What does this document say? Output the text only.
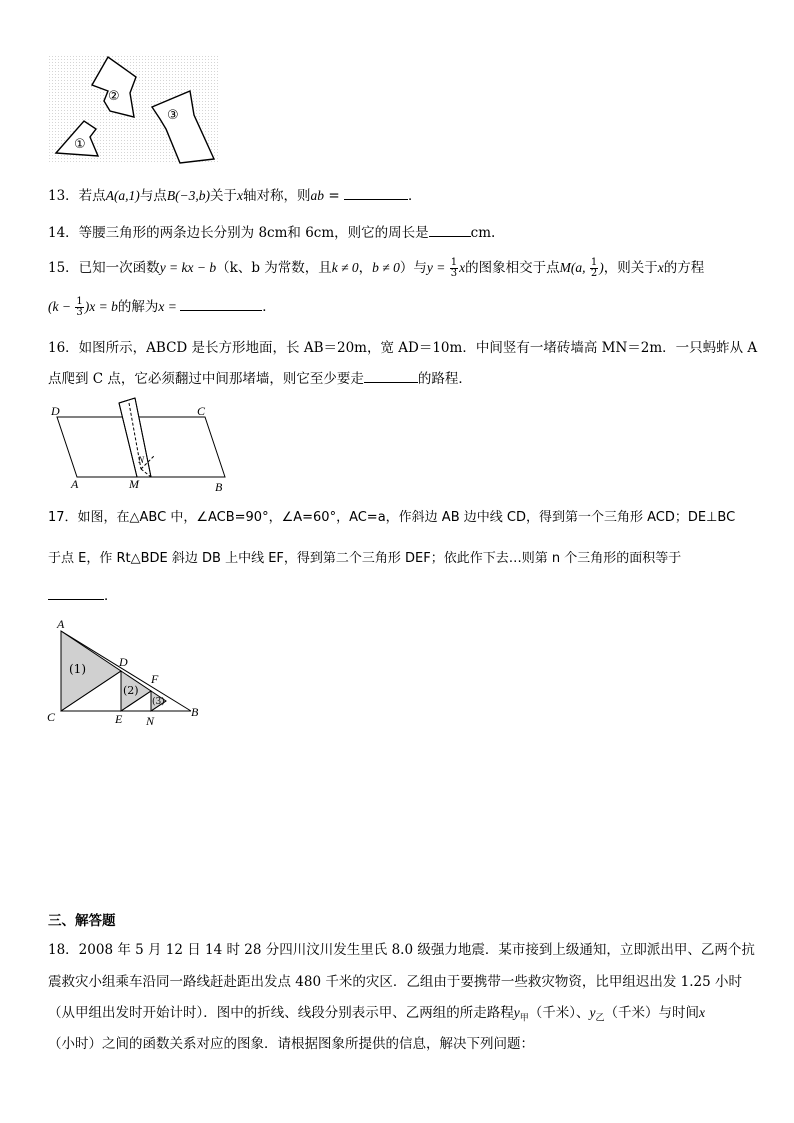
①
②
③
13．若点A(a,1)与点B(−3,b)关于x轴对称，则ab =	．
14．等腰三角形的两条边长分别为 8cm和 6cm，则它的周长是	cm.
15．已知一次函数y = kx − b（k、b 为常数，且k ≠ 0，b ≠ 0）与$y = \frac{1}{3}$ x的图象相交于点M(a, $\frac{1}{2}$ )，则关于x的方程
$(k - \frac{1}{3} )x = b$的解为x =	．
16．如图所示，ABCD 是长方形地面，长 AB＝20m，宽 AD＝10m．中间竖有一堵砖墙高 MN＝2m．一只蚂蚱从 A
点爬到 C 点，它必须翻过中间那堵墙，则它至少要走	的路程．
D	C
A	M	B
N
17．如图，在△ABC 中，∠ACB=90°，∠A=60°，AC=a，作斜边 AB 边中线 CD，得到第一个三角形 ACD；DE⊥BC
于点 E，作 Rt△BDE 斜边 DB 上中线 EF，得到第二个三角形 DEF；依此作下去…则第 n 个三角形的面积等于
．
A
D
F
C	E N
B
(1)
(2)
(3)
三、解答题
18．2008 年 5 月 12 日 14 时 28 分四川汶川发生里氏 8.0 级强力地震．某市接到上级通知，立即派出甲、乙两个抗
震救灾小组乘车沿同一路线赶赴距出发点 480 千米的灾区．乙组由于要携带一些救灾物资，比甲组迟出发 1.25 小时
（从甲组出发时开始计时）．图中的折线、线段分别表示甲、乙两组的所走路程$y_甲$（千米）、$y_乙$（千米）与时间x
（小时）之间的函数关系对应的图象．请根据图象所提供的信息，解决下列问题：
